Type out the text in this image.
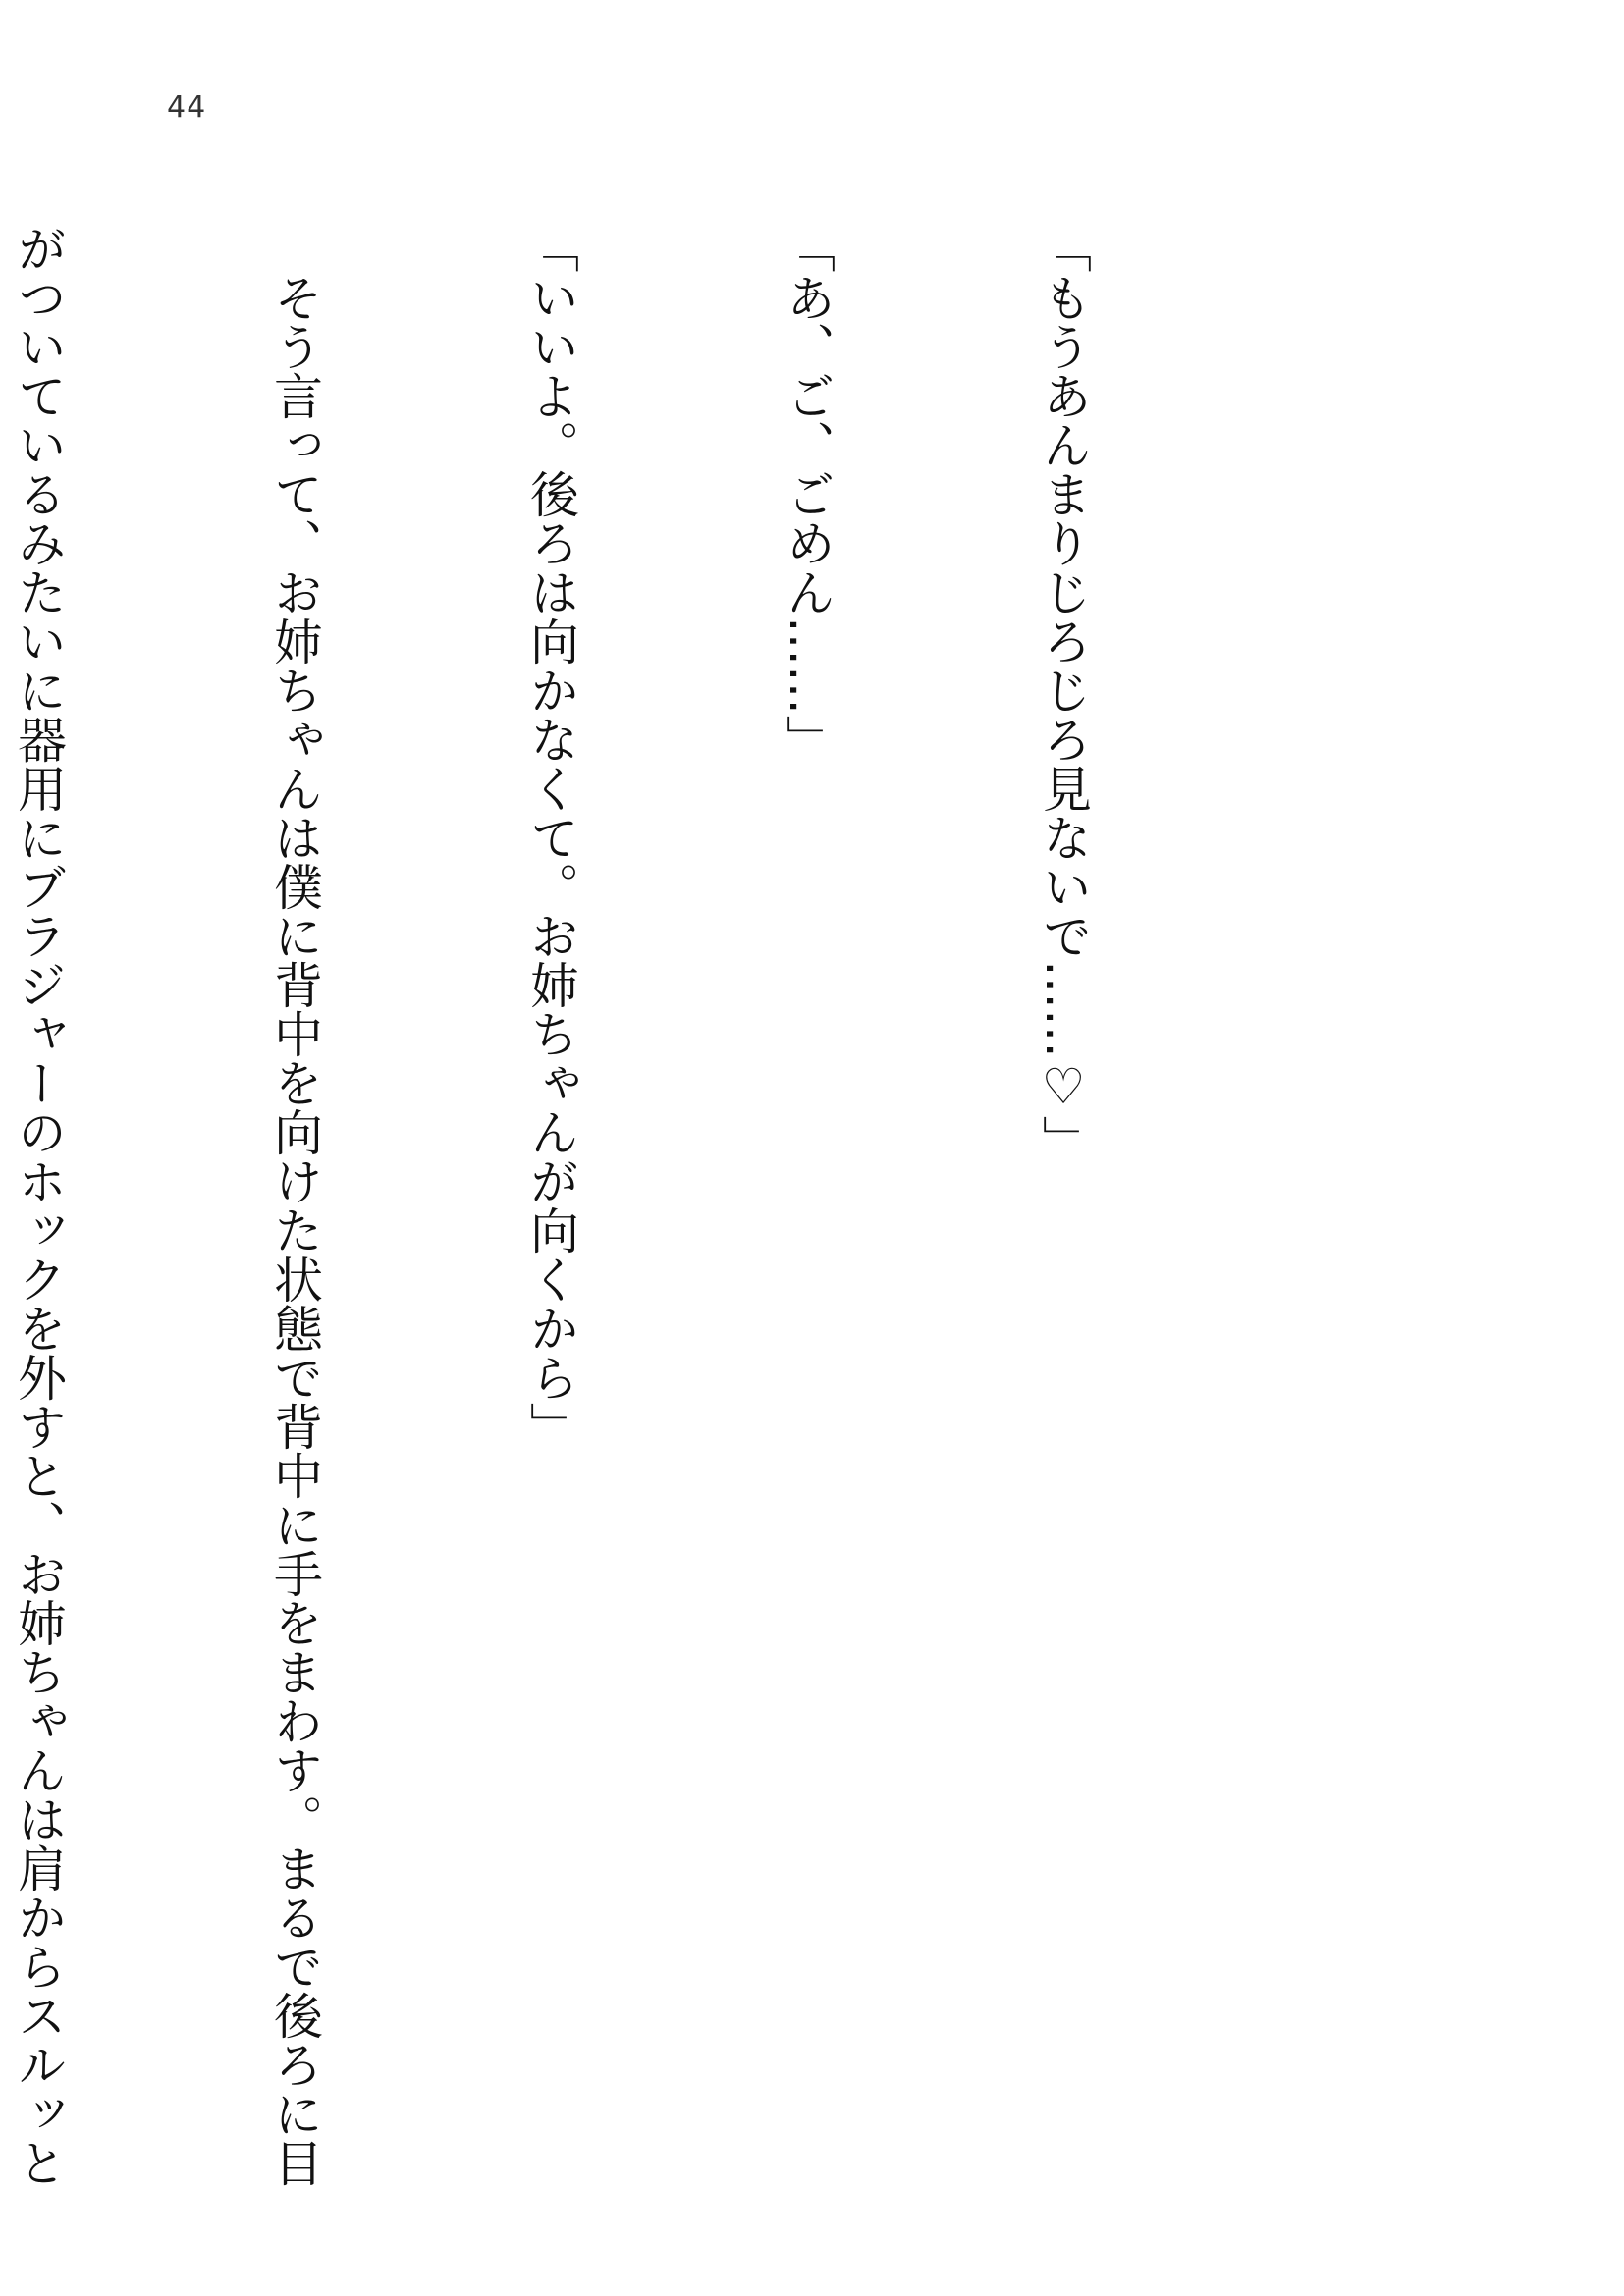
44

「もうあんまりじろじろ見ないで……♡」

「あ、ご、ごめん……」

「いいよ。後ろは向かなくて。お姉ちゃんが向くから」

　そう言って、お姉ちゃんは僕に背中を向けた状態で背中に手をまわす。まるで後ろに目

がついているみたいに器用にブラジャーのホックを外すと、お姉ちゃんは肩からスルッと
